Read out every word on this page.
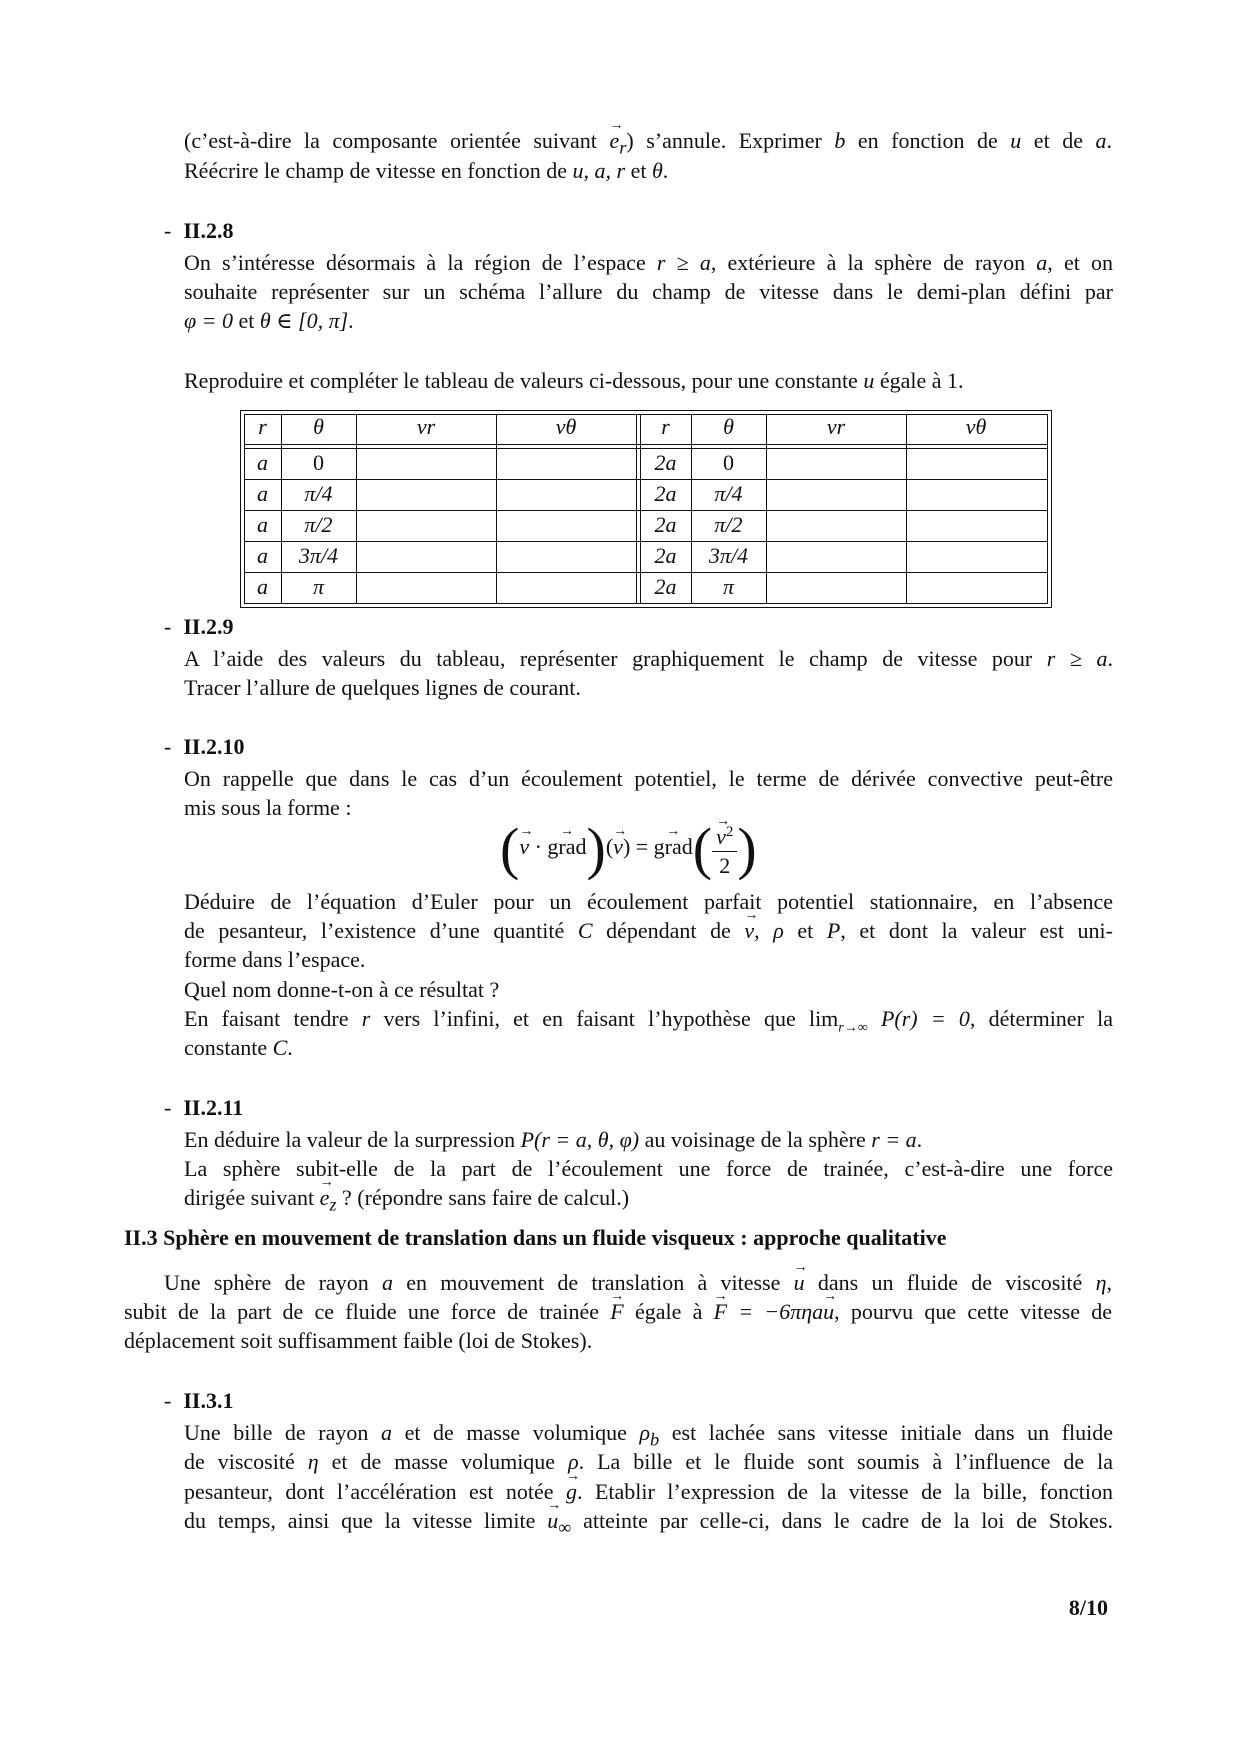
(c’est-à-dire la composante orientée suivant → $e_r$) s’annule. Exprimer b en fonction de u et de a.
Réécrire le champ de vitesse en fonction de u, a, r et θ.
- II.2.8
On s’intéresse désormais à la région de l’espace r ≥ a, extérieure à la sphère de rayon a, et on
souhaite représenter sur un schéma l’allure du champ de vitesse dans le demi-plan défini par
φ = 0 et θ ∈ [0, π].
Reproduire et compléter le tableau de valeurs ci-dessous, pour une constante u égale à 1.
r	θ	vr	vθ	r	θ	vr	vθ
a	0	2a	0
a	π/4	2a	π/4
a	π/2	2a	π/2
a	3π/4	2a	3π/4
a	π	2a	π
- II.2.9
A l’aide des valeurs du tableau, représenter graphiquement le champ de vitesse pour r ≥ a.
Tracer l’allure de quelques lignes de courant.
- II.2.10
On rappelle que dans le cas d’un écoulement potentiel, le terme de dérivée convective peut-être
mis sous la forme :
(→ v · → grad)(→ v) = → grad(
→ $\frac{v^2}{2}$ )
Déduire de l’équation d’Euler pour un écoulement parfait potentiel stationnaire, en l’absence
de pesanteur, l’existence d’une quantité C dépendant de → v, ρ et P, et dont la valeur est uni-
forme dans l’espace.
Quel nom donne-t-on à ce résultat ?
En faisant tendre r vers l’infini, et en faisant l’hypothèse que $\lim_{r\to\infty} P(r) = 0$, déterminer la
constante C.
- II.2.11
En déduire la valeur de la surpression P(r = a, θ, φ) au voisinage de la sphère r = a.
La sphère subit-elle de la part de l’écoulement une force de trainée, c’est-à-dire une force
dirigée suivant → $e_z$ ? (répondre sans faire de calcul.)
II.3 Sphère en mouvement de translation dans un fluide visqueux : approche qualitative
Une sphère de rayon a en mouvement de translation à vitesse → u dans un fluide de viscosité η,
subit de la part de ce fluide une force de trainée → F égale à → F = −6πηa→ u, pourvu que cette vitesse de
déplacement soit suffisamment faible (loi de Stokes).
- II.3.1
Une bille de rayon a et de masse volumique $\rho_b$ est lachée sans vitesse initiale dans un fluide
de viscosité η et de masse volumique ρ. La bille et le fluide sont soumis à l’influence de la
pesanteur, dont l’accélération est notée → g. Etablir l’expression de la vitesse de la bille, fonction
du temps, ainsi que la vitesse limite → $u_\infty$ atteinte par celle-ci, dans le cadre de la loi de Stokes.
8/10
